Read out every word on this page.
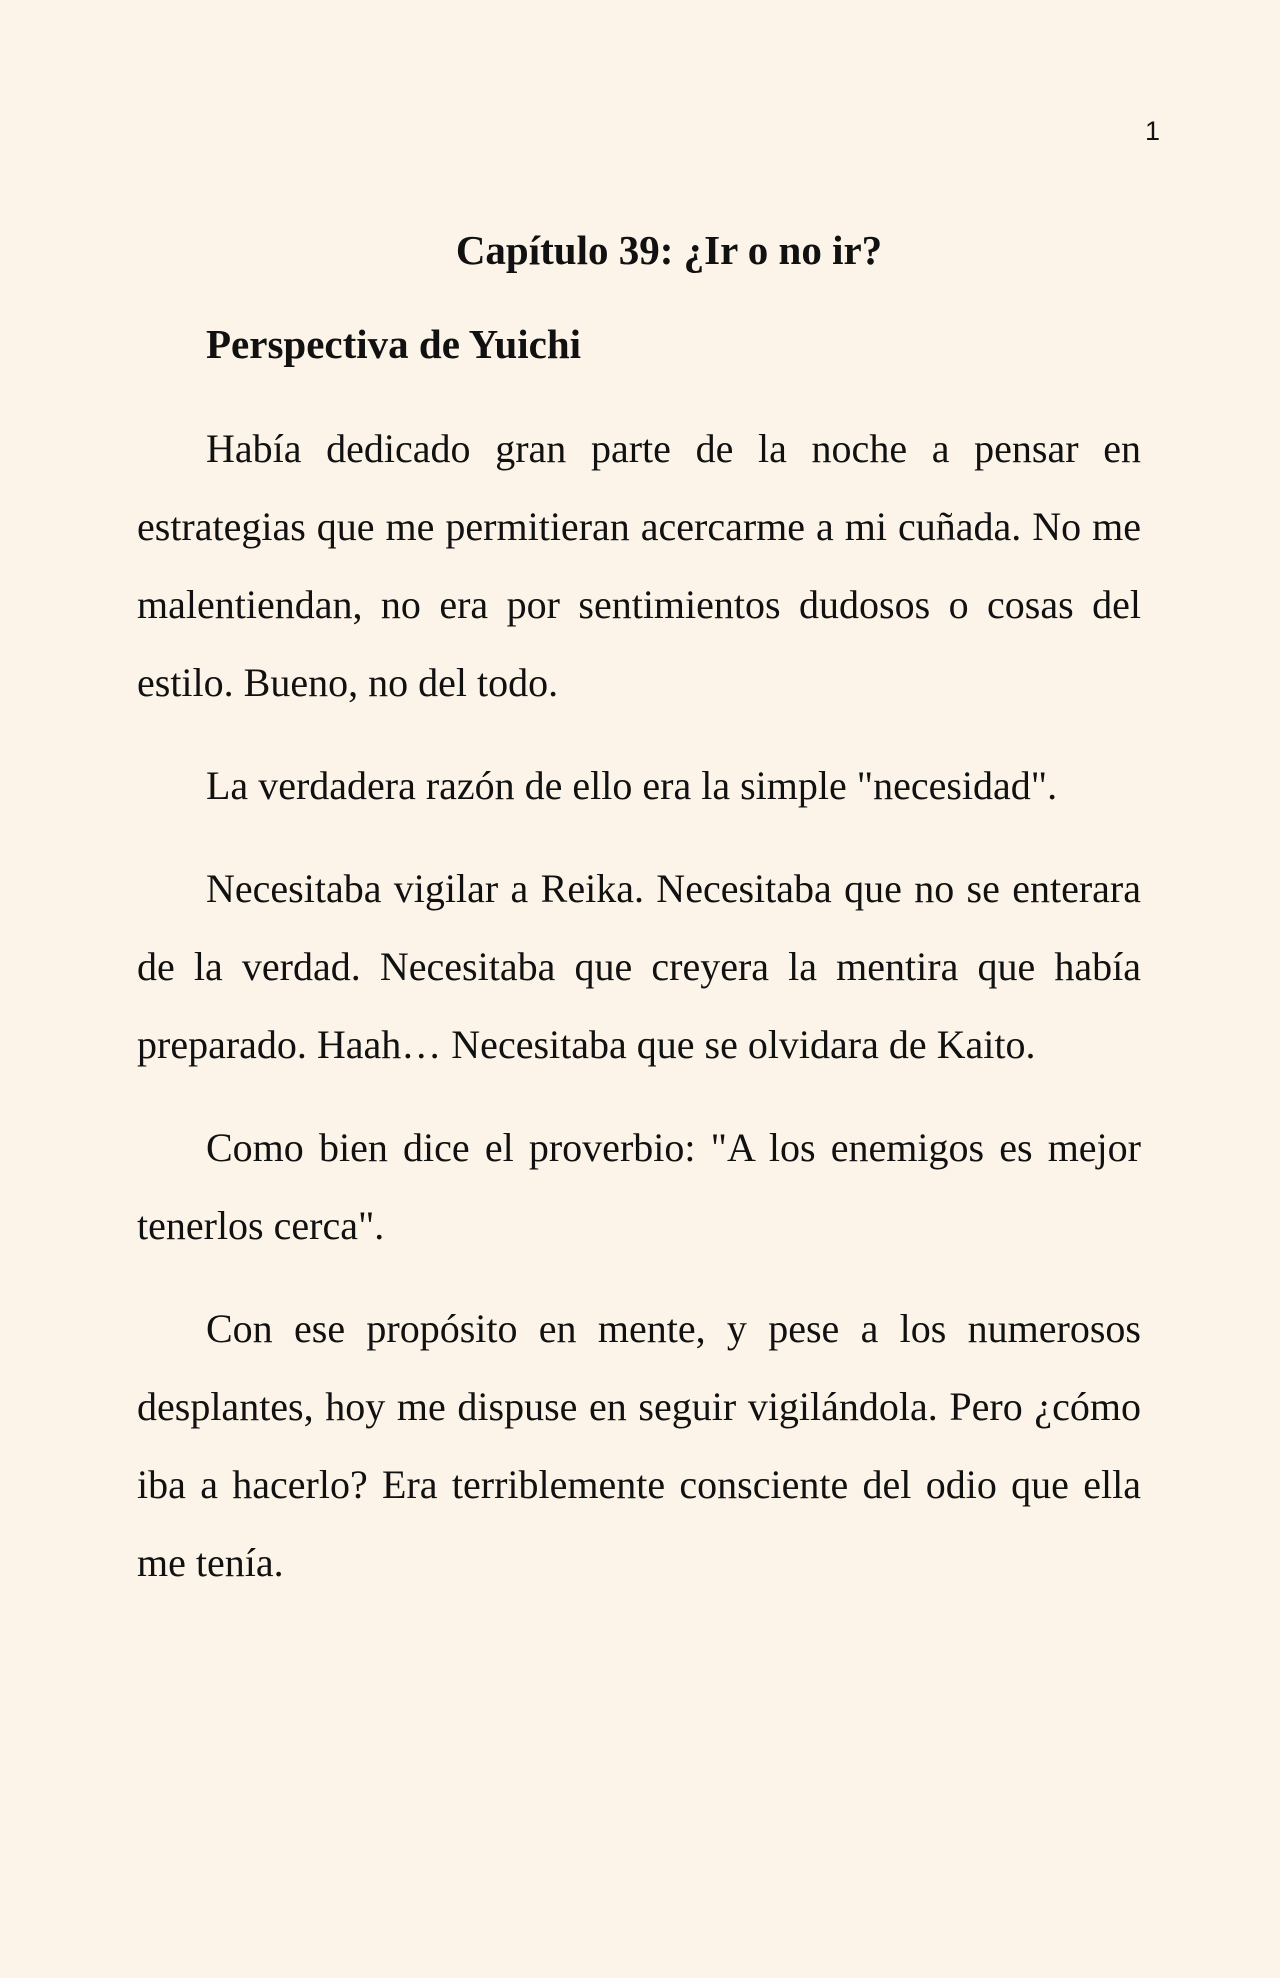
1
Capítulo 39: ¿Ir o no ir?
Perspectiva de Yuichi

Había dedicado gran parte de la noche a pensar en estrategias que me permitieran acercarme a mi cuñada. No me malentiendan, no era por sentimientos dudosos o cosas del estilo. Bueno, no del todo.

La verdadera razón de ello era la simple "necesidad".

Necesitaba vigilar a Reika. Necesitaba que no se enterara de la verdad. Necesitaba que creyera la mentira que había preparado. Haah… Necesitaba que se olvidara de Kaito.

Como bien dice el proverbio: "A los enemigos es mejor tenerlos cerca".

Con ese propósito en mente, y pese a los numerosos desplantes, hoy me dispuse en seguir vigilándola. Pero ¿cómo iba a hacerlo? Era terriblemente consciente del odio que ella me tenía.
